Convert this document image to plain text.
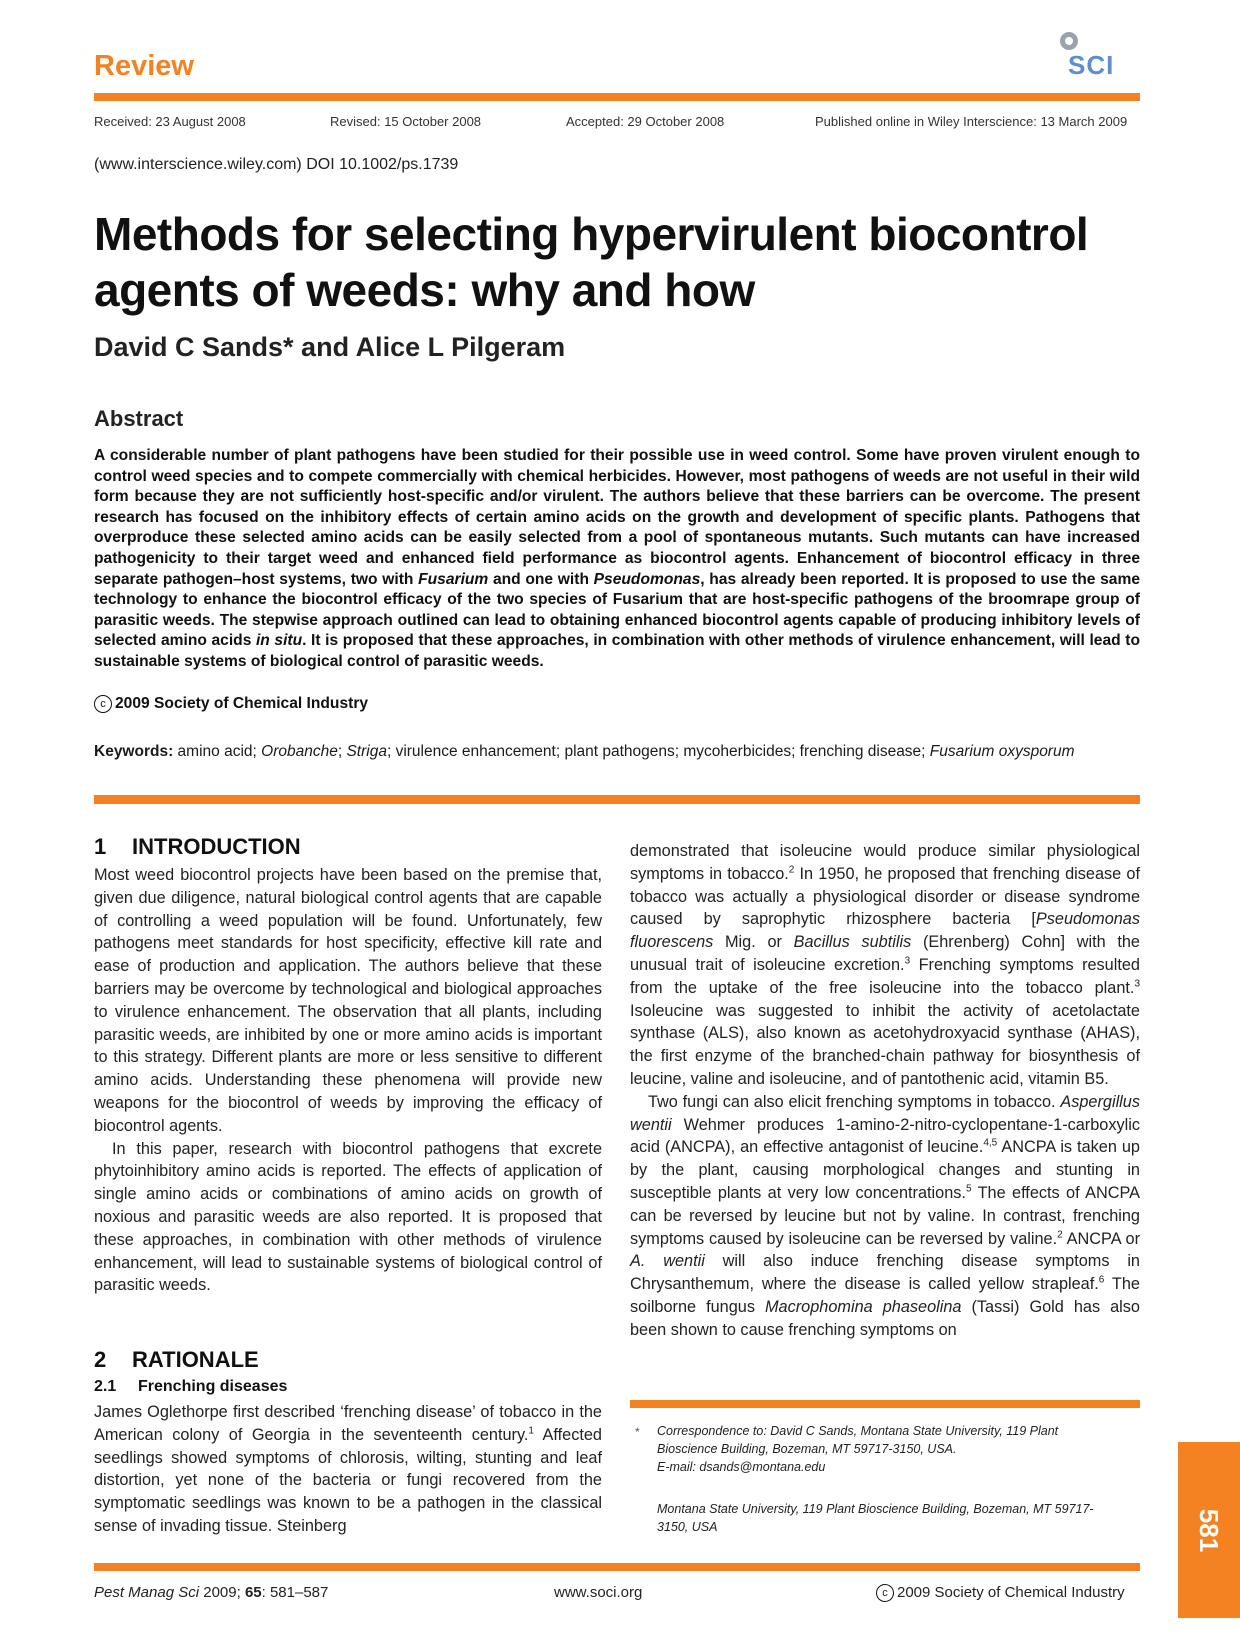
Review	SCI
Received: 23 August 2008	Revised: 15 October 2008	Accepted: 29 October 2008	Published online in Wiley Interscience: 13 March 2009
(www.interscience.wiley.com) DOI 10.1002/ps.1739
Methods for selecting hypervirulent biocontrol
agents of weeds: why and how
David C Sands* and Alice L Pilgeram
Abstract
A considerable number of plant pathogens have been studied for their possible use in weed control. Some have proven virulent enough to control weed species and to compete commercially with chemical herbicides. However, most pathogens of weeds are not useful in their wild form because they are not sufficiently host-specific and/or virulent. The authors believe that these barriers can be overcome. The present research has focused on the inhibitory effects of certain amino acids on the growth and development of specific plants. Pathogens that overproduce these selected amino acids can be easily selected from a pool of spontaneous mutants. Such mutants can have increased pathogenicity to their target weed and enhanced field performance as biocontrol agents. Enhancement of biocontrol efficacy in three separate pathogen–host systems, two with Fusarium and one with Pseudomonas, has already been reported. It is proposed to use the same technology to enhance the biocontrol efficacy of the two species of Fusarium that are host-specific pathogens of the broomrape group of parasitic weeds. The stepwise approach outlined can lead to obtaining enhanced biocontrol agents capable of producing inhibitory levels of selected amino acids in situ. It is proposed that these approaches, in combination with other methods of virulence enhancement, will lead to sustainable systems of biological control of parasitic weeds.
c 2009 Society of Chemical Industry
Keywords: amino acid; Orobanche; Striga; virulence enhancement; plant pathogens; mycoherbicides; frenching disease; Fusarium oxysporum
1 INTRODUCTION

Most weed biocontrol projects have been based on the premise that, given due diligence, natural biological control agents that are capable of controlling a weed population will be found. Unfortunately, few pathogens meet standards for host specificity, effective kill rate and ease of production and application. The authors believe that these barriers may be overcome by technological and biological approaches to virulence enhancement. The observation that all plants, including parasitic weeds, are inhibited by one or more amino acids is important to this strategy. Different plants are more or less sensitive to different amino acids. Understanding these phenomena will provide new weapons for the biocontrol of weeds by improving the efficacy of biocontrol agents.

In this paper, research with biocontrol pathogens that excrete phytoinhibitory amino acids is reported. The effects of application of single amino acids or combinations of amino acids on growth of noxious and parasitic weeds are also reported. It is proposed that these approaches, in combination with other methods of virulence enhancement, will lead to sustainable systems of biological control of parasitic weeds.

2 RATIONALE
2.1 Frenching diseases

James Oglethorpe first described ‘frenching disease’ of tobacco in the American colony of Georgia in the seventeenth century.$^1$ Affected seedlings showed symptoms of chlorosis, wilting, stunting and leaf distortion, yet none of the bacteria or fungi recovered from the symptomatic seedlings was known to be a pathogen in the classical sense of invading tissue. Steinberg

demonstrated that isoleucine would produce similar physiological symptoms in tobacco.$^2$ In 1950, he proposed that frenching disease of tobacco was actually a physiological disorder or disease syndrome caused by saprophytic rhizosphere bacteria [Pseudomonas fluorescens Mig. or Bacillus subtilis (Ehrenberg) Cohn] with the unusual trait of isoleucine excretion.$^3$ Frenching symptoms resulted from the uptake of the free isoleucine into the tobacco plant.$^3$ Isoleucine was suggested to inhibit the activity of acetolactate synthase (ALS), also known as acetohydroxyacid synthase (AHAS), the first enzyme of the branched-chain pathway for biosynthesis of leucine, valine and isoleucine, and of pantothenic acid, vitamin B5.

Two fungi can also elicit frenching symptoms in tobacco. Aspergillus wentii Wehmer produces 1-amino-2-nitro-cyclopentane-1-carboxylic acid (ANCPA), an effective antagonist of leucine.$^{4,5}$ ANCPA is taken up by the plant, causing morphological changes and stunting in susceptible plants at very low concentrations.$^5$ The effects of ANCPA can be reversed by leucine but not by valine. In contrast, frenching symptoms caused by isoleucine can be reversed by valine.$^2$ ANCPA or A. wentii will also induce frenching disease symptoms in Chrysanthemum, where the disease is called yellow strapleaf.$^6$ The soilborne fungus Macrophomina phaseolina (Tassi) Gold has also been shown to cause frenching symptoms on

* Correspondence to: David C Sands, Montana State University, 119 Plant
Bioscience Building, Bozeman, MT 59717-3150, USA.
E-mail: dsands@montana.edu
Montana State University, 119 Plant Bioscience Building, Bozeman, MT 59717-
3150, USA	581
Pest Manag Sci 2009; 65: 581–587	www.soci.org	c 2009 Society of Chemical Industry
